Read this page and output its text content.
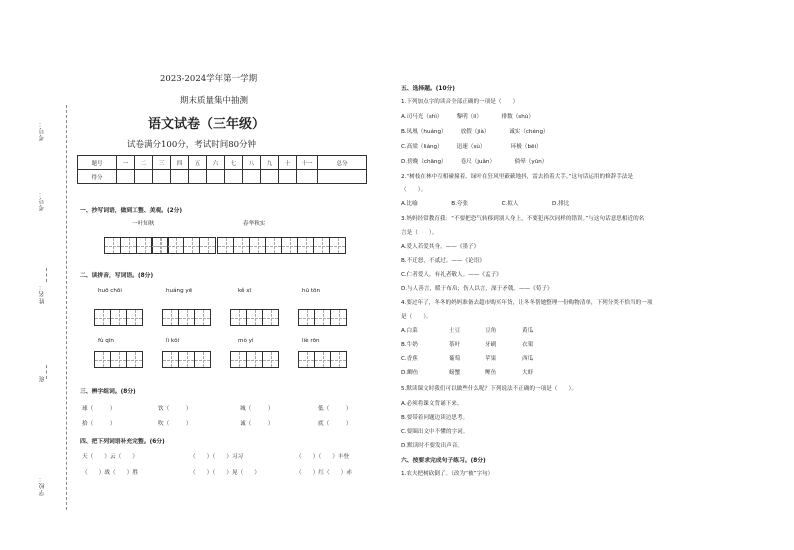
考号：
考号：
姓名：
班
学校：
2023-2024学年第一学期
期末质量集中抽测
语文试卷（三年级）
试卷满分100分，考试时间80分钟
题号	一	二	三	四	五	六	七	八	九	十	十一	总分
得分												
一、抄写词语，做到工整、美观。(2分)
一叶知秋	春华秋实
二、读拼音，写词语。(8分)
huō chōi	huáng yē	kě xī	hū tōn
fù qīn	lì kōi	mò yì	liè rōn
三、辨字组词。(8分)
球（　　　）	饮（　　　）	城（　　　）	低（　　　）
拾（　　　）	吹（　　　）	诚（　　　）	底（　　　）
四、把下列词语补充完整。(6分)
天（　　）云（　　）	（　　）（　　）习习	（　　）（　　）丰登
（　　）战（　　）胜	（　　）（　　）晃（　　）	（　　）红（　　）赤
五、选择题。(10分)
1.下列加点字的读音全部正确的一项是（　　）
A.司马光（shì）　　　黎明（lí）　　　　排数（shù）
B.凤凰（huáng）　　　放假（jià）　　　　诚实（chéng）
C.高梁（liáng）　　　迅速（sù）　　　　　环极（bēi）
D.傍晚（chāng）　　　卷尺（juǎn）　　　　倘晕（yūn）
2.“树枝在林中互相碰撞着，绿叶在狂风里簌簌地抖，雷去拾着大手。”这句话运用的修辞手法是
（　　）。
A.比喻　　　　　　B.夸张　　　　　　C.拟人　　　　　　D.排比
3.妈妈经常教育我：“不要把恐气转移到别人身上，不要犯再次同样的错误。”与这句话意思相近的名
言是（　　）。
A.爱人若爱其身。——《墨子》
B.不迁怒，不贰过。——《论语》
C.仁者爱人，有礼者敬人。——《孟子》
D.与人善言，暖于布帛；伤人以言，深于矛戟。——《荀子》
4.要过年了，冬冬的妈妈准备去超市购买年货，让冬冬帮她整理一份购物清单，下列分类不恰当的一项
是（　　）。
A.白菜	土豆	豆角	黄瓜
B.牛奶	茶叶	牙刷	衣架
C.香蕉	葡萄	苹果	西瓜
D.鲫鱼	螃蟹	鲤鱼	大虾
5.默读课文时我们可以做些什么呢？下列说法不正确的一项是（　　）。
A.必须将课文背诵下来。
B.要带着问题边读边思考。
C.要圈出文中不懂的字词。
D.默读时不要发出声音。
六、按要求完成句子练习。(8分)
1.农夫把树砍倒了。（改为“被”字句）
